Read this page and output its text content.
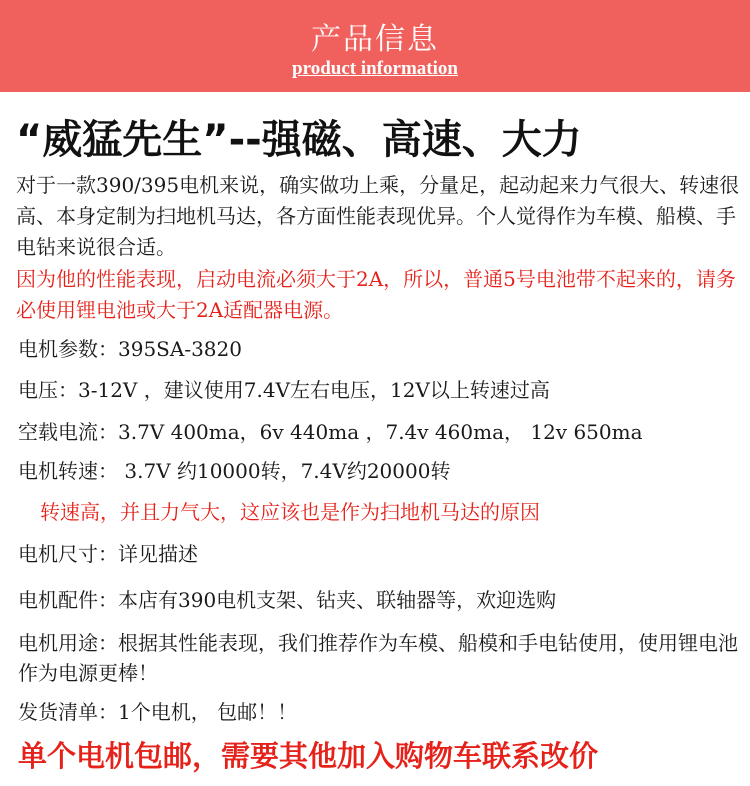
产品信息
product information
“威猛先生”--强磁、高速、大力
对于一款390/395电机来说，确实做功上乘，分量足，起动起来力气很大、转速很高、本身定制为扫地机马达，各方面性能表现优异。个人觉得作为车模、船模、手电钻来说很合适。
因为他的性能表现，启动电流必须大于2A，所以，普通5号电池带不起来的，请务必使用锂电池或大于2A适配器电源。
电机参数：395SA-3820
电压：3-12V ，建议使用7.4V左右电压，12V以上转速过高
空载电流：3.7V 400ma，6v 440ma ，7.4v 460ma， 12v 650ma
电机转速： 3.7V 约10000转，7.4V约20000转
转速高，并且力气大，这应该也是作为扫地机马达的原因
电机尺寸：详见描述
电机配件：本店有390电机支架、钻夹、联轴器等，欢迎选购
电机用途：根据其性能表现，我们推荐作为车模、船模和手电钻使用，使用锂电池作为电源更棒！
发货清单：1个电机， 包邮！！
单个电机包邮，需要其他加入购物车联系改价
